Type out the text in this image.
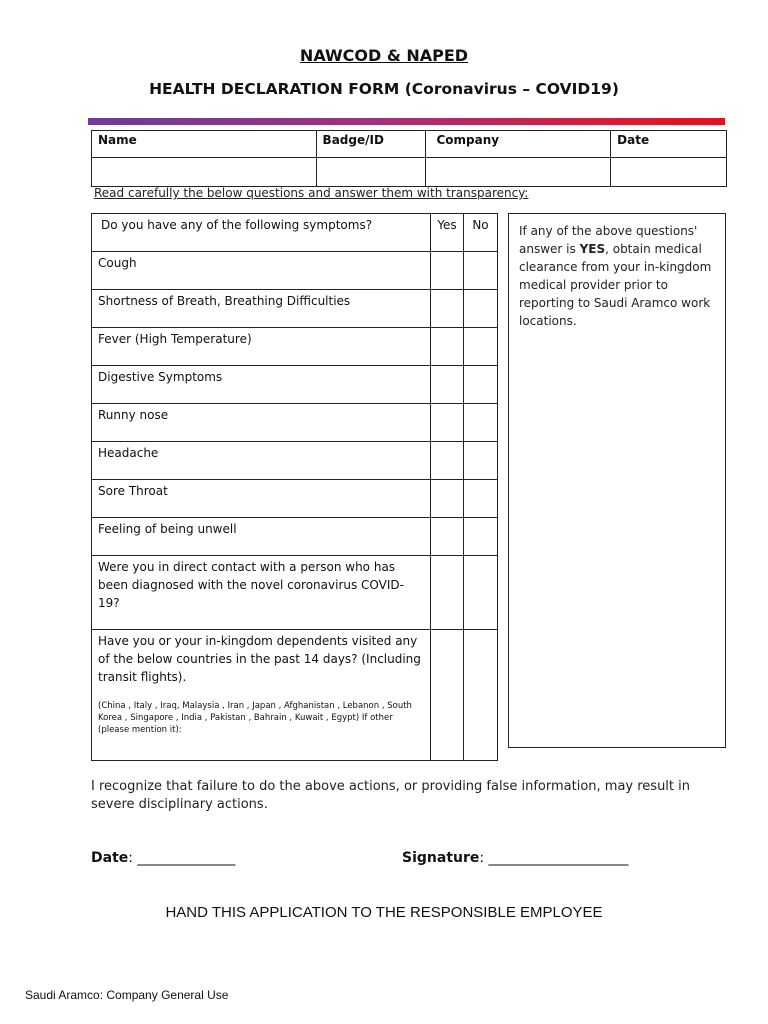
NAWCOD & NAPED
HEALTH DECLARATION FORM (Coronavirus – COVID19)
Name	Badge/ID	Company	Date

Read carefully the below questions and answer them with transparency:
Do you have any of the following symptoms?	Yes	No
Cough		
Shortness of Breath, Breathing Difficulties		
Fever (High Temperature)		
Digestive Symptoms		
Runny nose		
Headache		
Sore Throat		
Feeling of being unwell		
Were you in direct contact with a person who has been diagnosed with the novel coronavirus COVID-19?		
Have you or your in-kingdom dependents visited any of the below countries in the past 14 days? (Including transit flights).
(China , Italy , Iraq, Malaysia , Iran , Japan , Afghanistan , Lebanon , South Korea , Singapore , India , Pakistan , Bahrain , Kuwait , Egypt) If other (please mention it):		

If any of the above questions' answer is YES, obtain medical clearance from your in-kingdom medical provider prior to reporting to Saudi Aramco work locations.
I recognize that failure to do the above actions, or providing false information, may result in severe disciplinary actions.
Date: ______________	Signature: ____________________
HAND THIS APPLICATION TO THE RESPONSIBLE EMPLOYEE
Saudi Aramco: Company General Use
